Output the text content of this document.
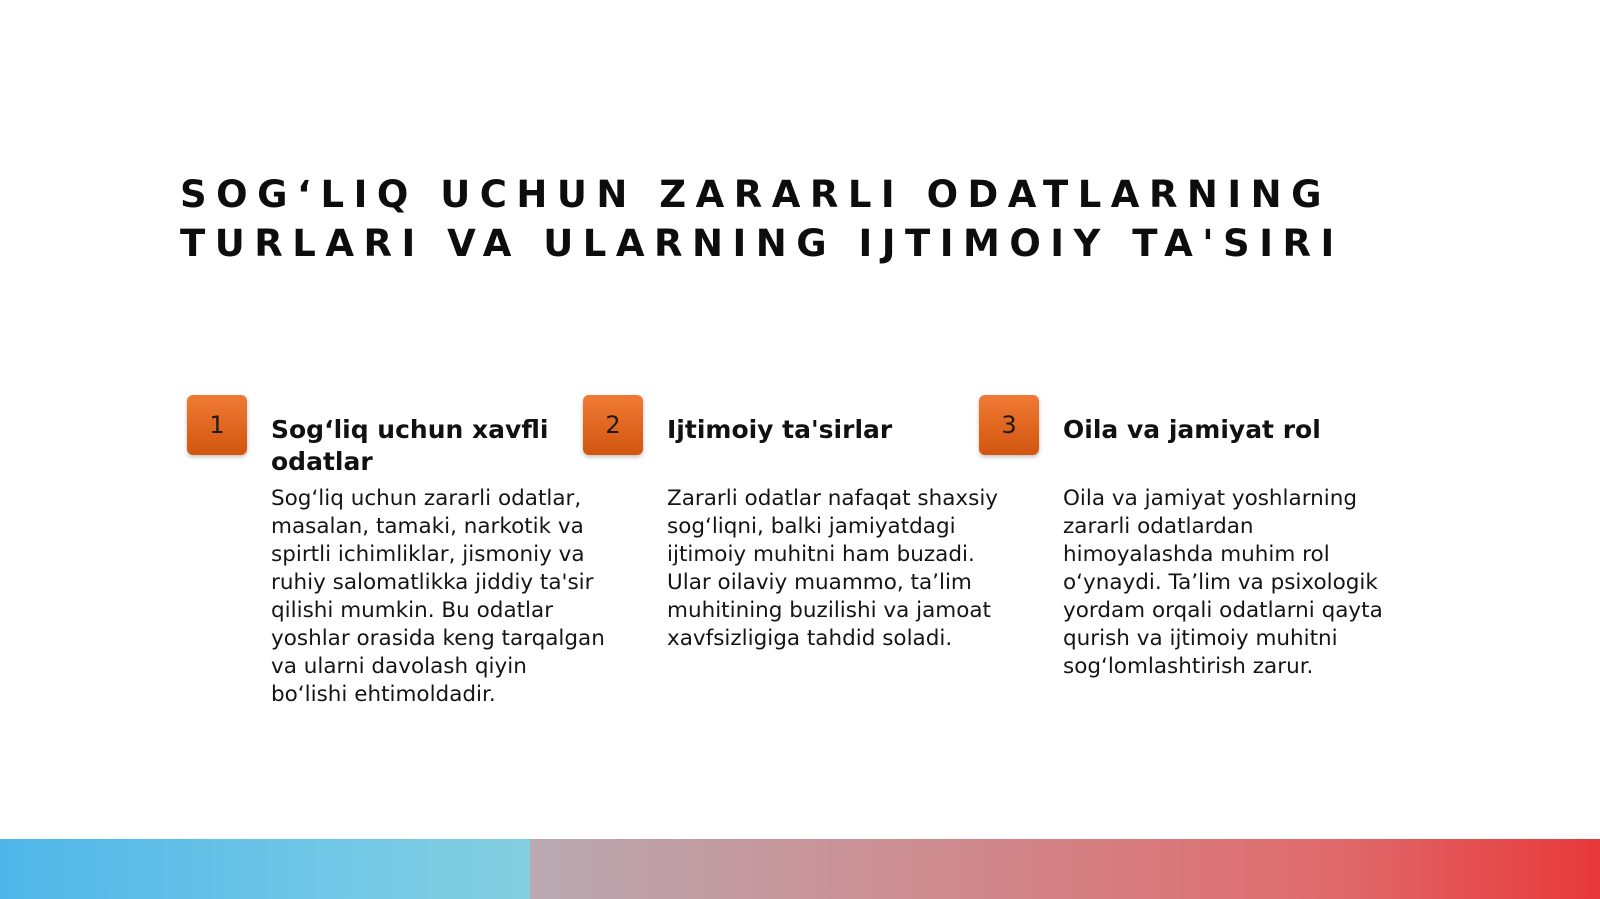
SOG‘LIQ UCHUN ZARARLI ODATLARNING
TURLARI VA ULARNING IJTIMOIY TA'SIRI
1	Sog‘liq uchun xavfli odatlar

Sog‘liq uchun zararli odatlar, masalan, tamaki, narkotik va spirtli ichimliklar, jismoniy va ruhiy salomatlikka jiddiy ta'sir qilishi mumkin. Bu odatlar yoshlar orasida keng tarqalgan va ularni davolash qiyin bo‘lishi ehtimoldadir.

2	Ijtimoiy ta'sirlar

Zararli odatlar nafaqat shaxsiy sog‘liqni, balki jamiyatdagi ijtimoiy muhitni ham buzadi. Ular oilaviy muammo, ta’lim muhitining buzilishi va jamoat xavfsizligiga tahdid soladi.

3	Oila va jamiyat rol

Oila va jamiyat yoshlarning zararli odatlardan himoyalashda muhim rol o‘ynaydi. Ta’lim va psixologik yordam orqali odatlarni qayta qurish va ijtimoiy muhitni sog‘lomlashtirish zarur.
